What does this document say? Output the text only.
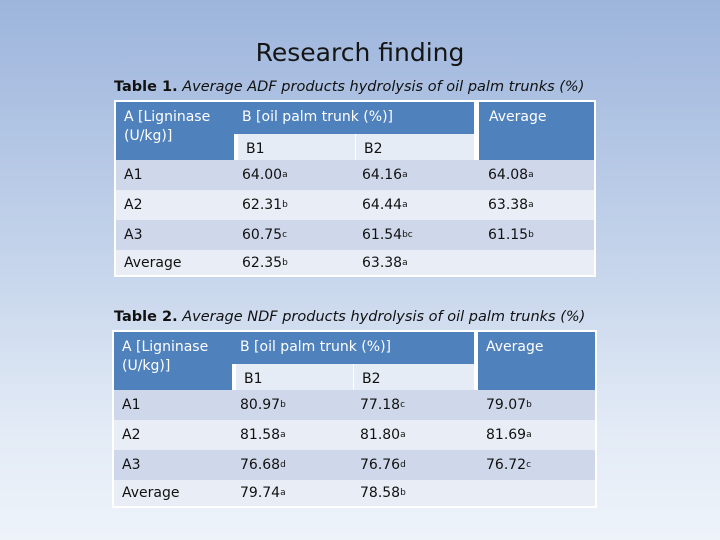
Research finding
Table 1. Average ADF products hydrolysis of oil palm trunks (%)
A [Ligninase (U/kg)]
B [oil palm trunk (%)]	Average
B1	B2
A1	64.00 a	64.16 a	64.08 a
A2	62.31 b	64.44 a	63.38 a
A3	60.75 c	61.54 bc	61.15 b
Average	62.35 b	63.38 a
Table 2. Average NDF products hydrolysis of oil palm trunks (%)
A [Ligninase (U/kg)]
B [oil palm trunk (%)]	Average
B1	B2
A1	80.97 b	77.18 c	79.07 b
A2	81.58 a	81.80 a	81.69 a
A3	76.68 d	76.76 d	76.72 c
Average	79.74 a	78.58 b
